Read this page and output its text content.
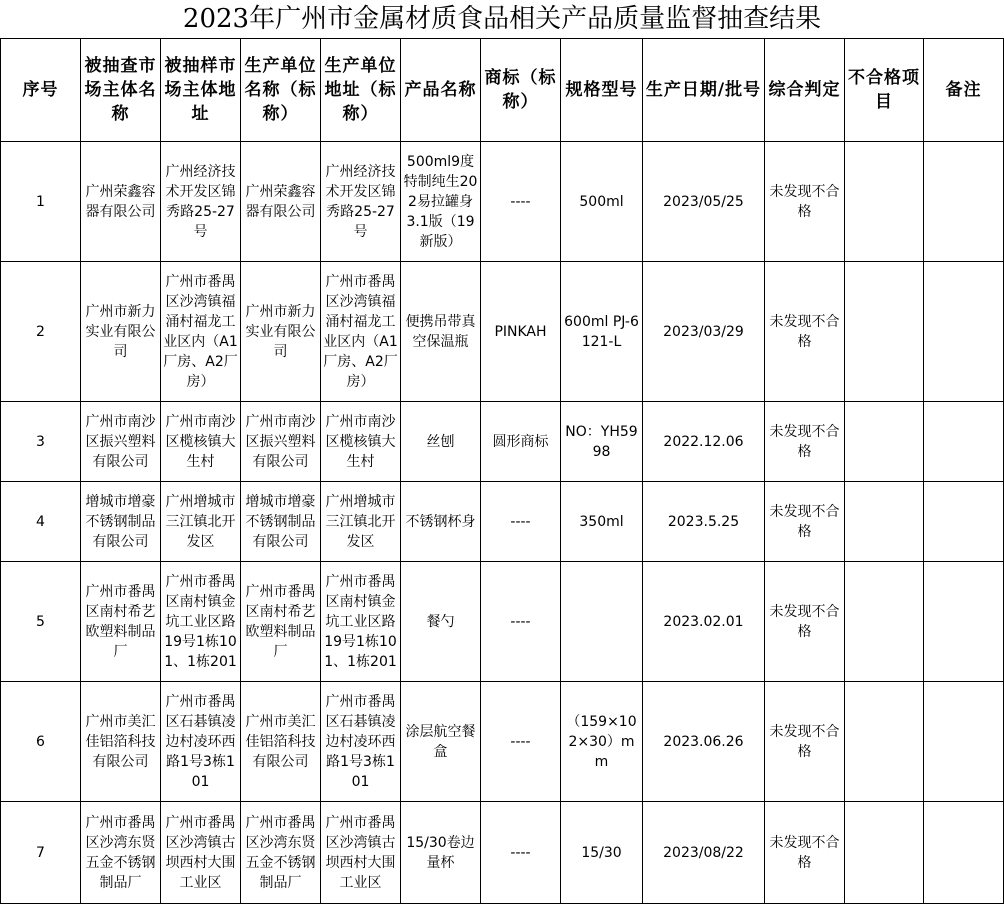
2023年广州市金属材质食品相关产品质量监督抽查结果
序号	被抽查市场主体名称	被抽样市场主体地址	生产单位名称（标称）	生产单位地址（标称）	产品名称	商标（标称）	规格型号	生产日期/批号	综合判定	不合格项目	备注

1	广州荣鑫容器有限公司	广州经济技术开发区锦秀路25-27号	广州荣鑫容器有限公司	广州经济技术开发区锦秀路25-27号	500ml9度特制纯生202易拉罐身3.1版（19新版）	----	500ml	2023/05/25	未发现不合格		

2	广州市新力实业有限公司	广州市番禺区沙湾镇福涌村福龙工业区内（A1厂房、A2厂房）	广州市新力实业有限公司	广州市番禺区沙湾镇福涌村福龙工业区内（A1厂房、A2厂房）	便携吊带真空保温瓶	PINKAH	600ml PJ-6121-L	2023/03/29	未发现不合格		

3	广州市南沙区振兴塑料有限公司	广州市南沙区榄核镇大生村	广州市南沙区振兴塑料有限公司	广州市南沙区榄核镇大生村	丝刨	圆形商标	NO：YH5998	2022.12.06	未发现不合格		

4	增城市增豪不锈钢制品有限公司	广州增城市三江镇北开发区	增城市增豪不锈钢制品有限公司	广州增城市三江镇北开发区	不锈钢杯身	----	350ml	2023.5.25	未发现不合格		

5	广州市番禺区南村希艺欧塑料制品厂	广州市番禺区南村镇金坑工业区路19号1栋101、1栋201	广州市番禺区南村希艺欧塑料制品厂	广州市番禺区南村镇金坑工业区路19号1栋101、1栋201	餐勺	----		2023.02.01	未发现不合格		

6	广州市美汇佳铝箔科技有限公司	广州市番禺区石碁镇凌边村凌环西路1号3栋101	广州市美汇佳铝箔科技有限公司	广州市番禺区石碁镇凌边村凌环西路1号3栋101	涂层航空餐盒	----	（159×102×30）mm	2023.06.26	未发现不合格		

7	广州市番禺区沙湾东贤五金不锈钢制品厂	广州市番禺区沙湾镇古坝西村大围工业区	广州市番禺区沙湾东贤五金不锈钢制品厂	广州市番禺区沙湾镇古坝西村大围工业区	15/30卷边量杯	----	15/30	2023/08/22	未发现不合格		
